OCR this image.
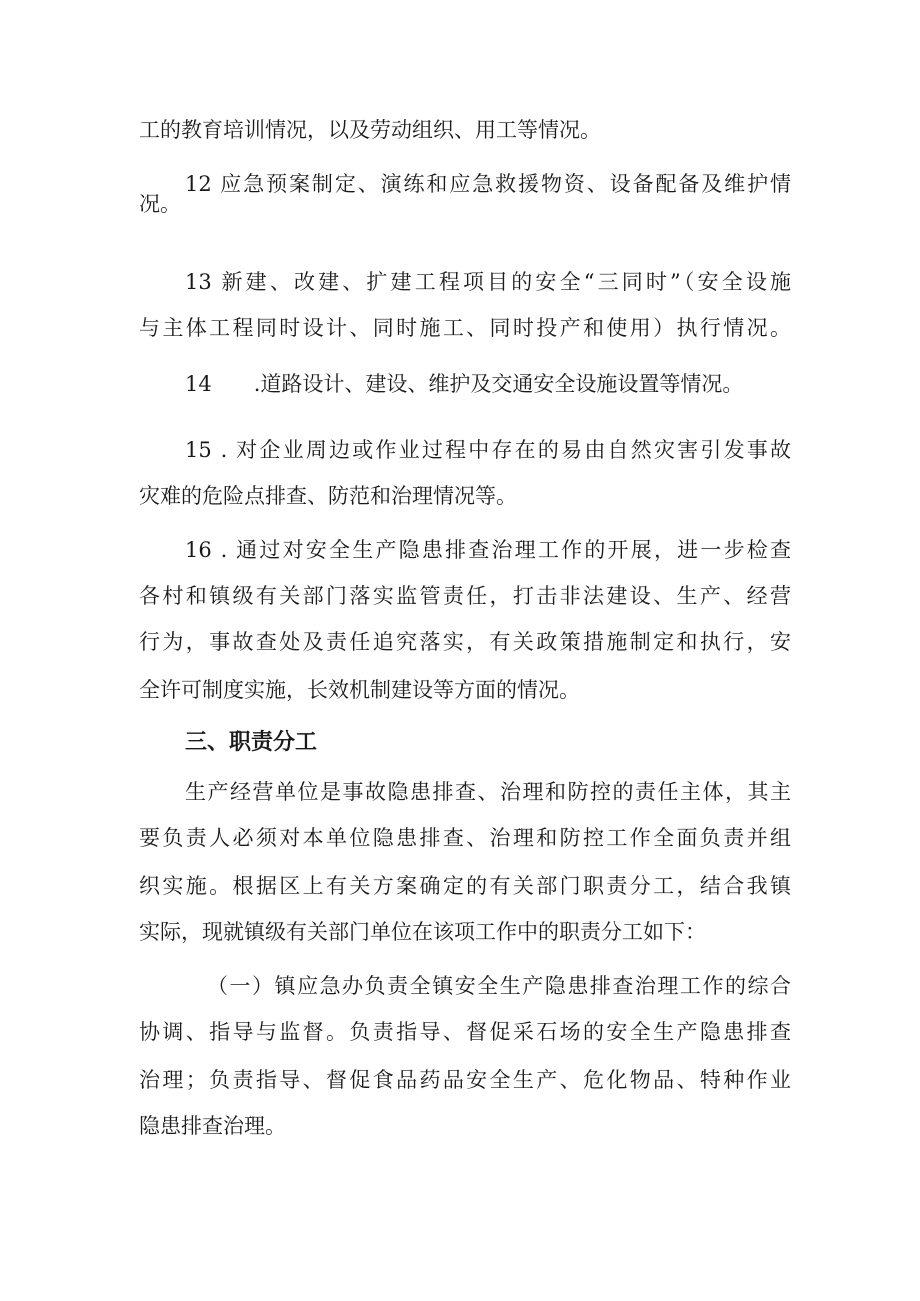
工的教育培训情况，以及劳动组织、用工等情况。
12 应急预案制定、演练和应急救援物资、设备配备及维护情
况。
13 新建、改建、扩建工程项目的安全“三同时”（安全设施
与主体工程同时设计、同时施工、同时投产和使用）执行情况。
14　　.道路设计、建设、维护及交通安全设施设置等情况。
15 . 对企业周边或作业过程中存在的易由自然灾害引发事故
灾难的危险点排查、防范和治理情况等。
16 . 通过对安全生产隐患排查治理工作的开展，进一步检查
各村和镇级有关部门落实监管责任，打击非法建设、生产、经营
行为，事故查处及责任追究落实，有关政策措施制定和执行，安
全许可制度实施，长效机制建设等方面的情况。
三、职责分工
生产经营单位是事故隐患排查、治理和防控的责任主体，其主
要负责人必须对本单位隐患排查、治理和防控工作全面负责并组
织实施。根据区上有关方案确定的有关部门职责分工，结合我镇
实际，现就镇级有关部门单位在该项工作中的职责分工如下：
（一）镇应急办负责全镇安全生产隐患排查治理工作的综合
协调、指导与监督。负责指导、督促采石场的安全生产隐患排查
治理；负责指导、督促食品药品安全生产、危化物品、特种作业
隐患排查治理。
